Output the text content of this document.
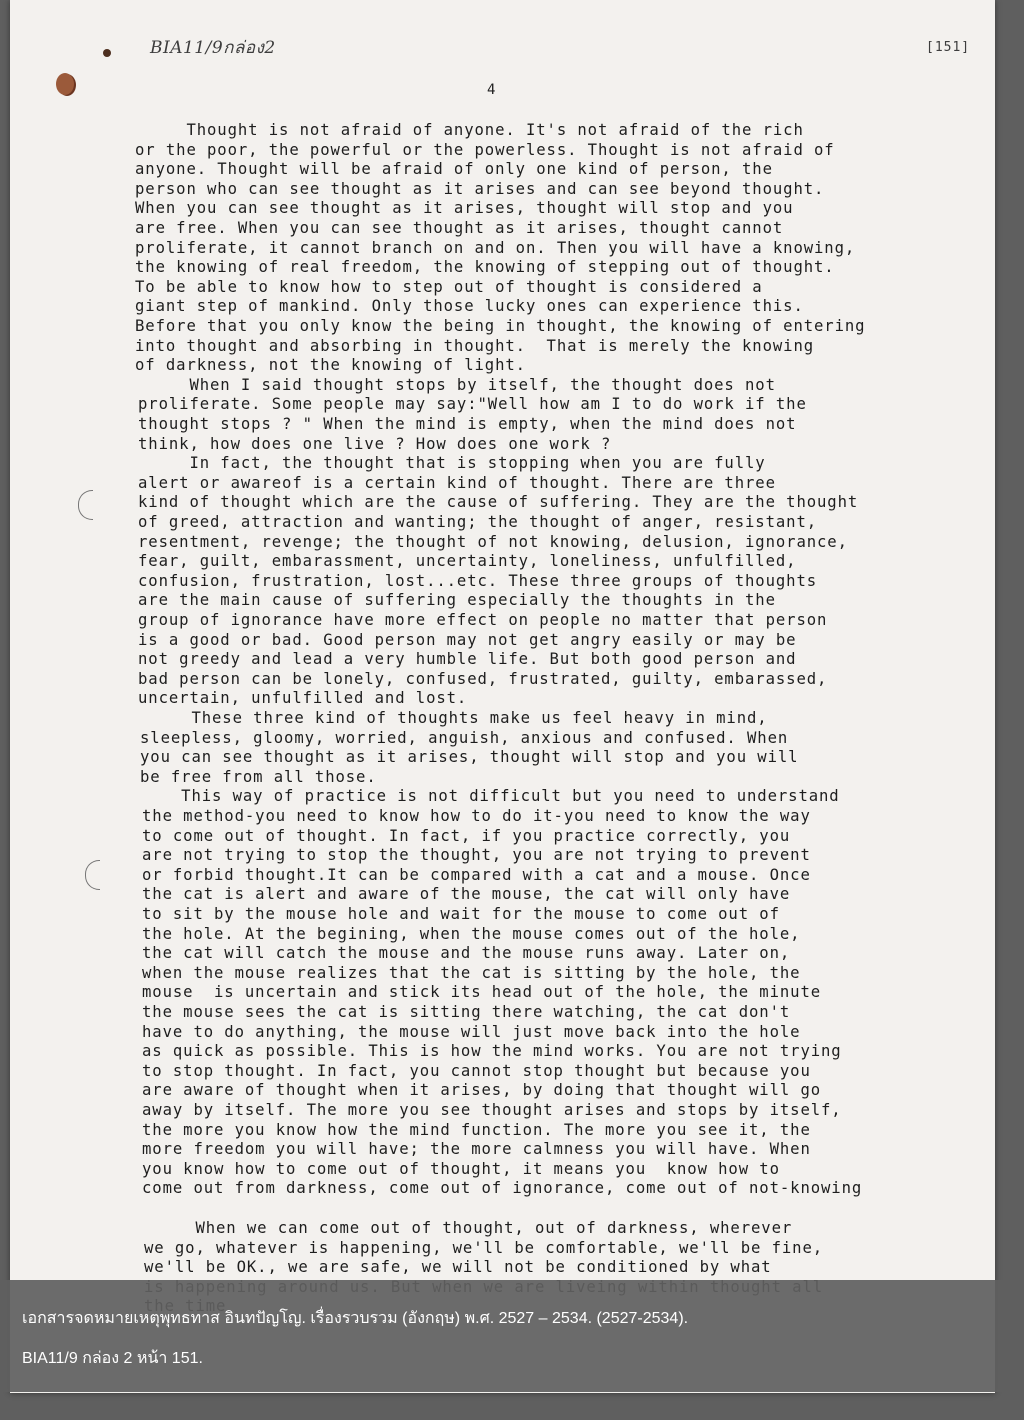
BIA11/9กล่อง2	[151]
4
Thought is not afraid of anyone. It's not afraid of the rich
or the poor, the powerful or the powerless. Thought is not afraid of
anyone. Thought will be afraid of only one kind of person, the
person who can see thought as it arises and can see beyond thought.
When you can see thought as it arises, thought will stop and you
are free. When you can see thought as it arises, thought cannot
proliferate, it cannot branch on and on. Then you will have a knowing,
the knowing of real freedom, the knowing of stepping out of thought.
To be able to know how to step out of thought is considered a
giant step of mankind. Only those lucky ones can experience this.
Before that you only know the being in thought, the knowing of entering
into thought and absorbing in thought.  That is merely the knowing
of darkness, not the knowing of light.
When I said thought stops by itself, the thought does not
proliferate. Some people may say:"Well how am I to do work if the
thought stops ? " When the mind is empty, when the mind does not
think, how does one live ? How does one work ?
In fact, the thought that is stopping when you are fully
alert or awareof is a certain kind of thought. There are three
kind of thought which are the cause of suffering. They are the thought
of greed, attraction and wanting; the thought of anger, resistant,
resentment, revenge; the thought of not knowing, delusion, ignorance,
fear, guilt, embarassment, uncertainty, loneliness, unfulfilled,
confusion, frustration, lost...etc. These three groups of thoughts
are the main cause of suffering especially the thoughts in the
group of ignorance have more effect on people no matter that person
is a good or bad. Good person may not get angry easily or may be
not greedy and lead a very humble life. But both good person and
bad person can be lonely, confused, frustrated, guilty, embarassed,
uncertain, unfulfilled and lost.
These three kind of thoughts make us feel heavy in mind,
sleepless, gloomy, worried, anguish, anxious and confused. When
you can see thought as it arises, thought will stop and you will
be free from all those.
This way of practice is not difficult but you need to understand
the method-you need to know how to do it-you need to know the way
to come out of thought. In fact, if you practice correctly, you
are not trying to stop the thought, you are not trying to prevent
or forbid thought.It can be compared with a cat and a mouse. Once
the cat is alert and aware of the mouse, the cat will only have
to sit by the mouse hole and wait for the mouse to come out of
the hole. At the begining, when the mouse comes out of the hole,
the cat will catch the mouse and the mouse runs away. Later on,
when the mouse realizes that the cat is sitting by the hole, the
mouse  is uncertain and stick its head out of the hole, the minute
the mouse sees the cat is sitting there watching, the cat don't
have to do anything, the mouse will just move back into the hole
as quick as possible. This is how the mind works. You are not trying
to stop thought. In fact, you cannot stop thought but because you
are aware of thought when it arises, by doing that thought will go
away by itself. The more you see thought arises and stops by itself,
the more you know how the mind function. The more you see it, the
more freedom you will have; the more calmness you will have. When
you know how to come out of thought, it means you  know how to
come out from darkness, come out of ignorance, come out of not-knowing
When we can come out of thought, out of darkness, wherever
we go, whatever is happening, we'll be comfortable, we'll be fine,
we'll be OK., we are safe, we will not be conditioned by what
เอกสารจดหมายเหตุพุทธทาส อินทปัญโญ. เรื่องรวบรวม (อังกฤษ) พ.ศ. 2527 – 2534. (2527-2534).
BIA11/9 กล่อง 2 หน้า 151.
